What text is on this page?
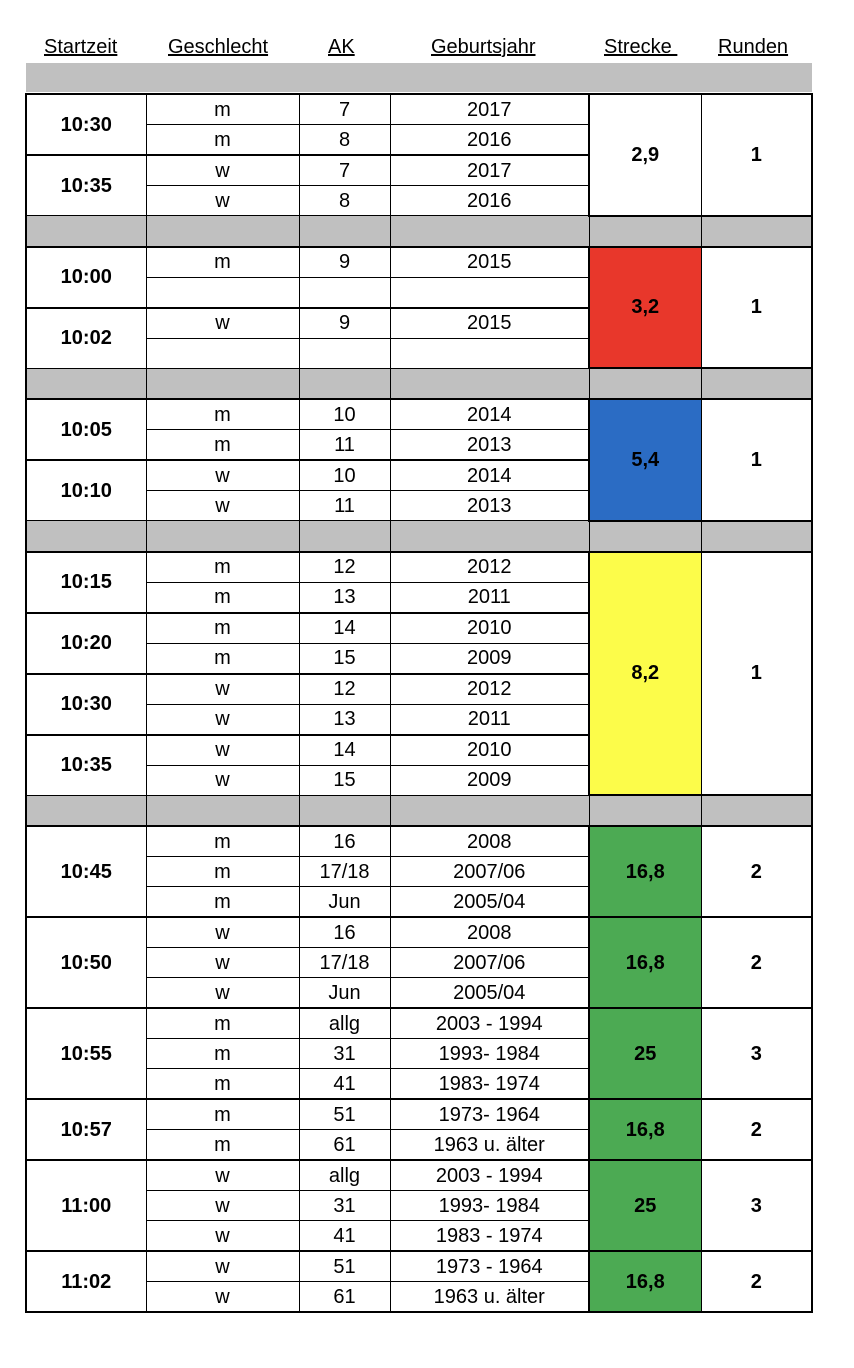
Startzeit	Geschlecht	AK	Geburtsjahr	Strecke Runden
10:30	m	7	2017	2,9	1
	m	8	2016		
10:35	w	7	2017		
	w	8	2016		

10:00	m	9	2015	3,2	1

10:02	w	9	2015		

10:05	m	10	2014	5,4	1
	m	11	2013		
10:10	w	10	2014		
	w	11	2013		

10:15	m	12	2012	8,2	1
	m	13	2011		
10:20	m	14	2010		
	m	15	2009		
10:30	w	12	2012		
	w	13	2011		
10:35	w	14	2010		
	w	15	2009		

10:45	m	16	2008	16,8	2
	m	17/18	2007/06		
	m	Jun	2005/04		
10:50	w	16	2008	16,8	2
	w	17/18	2007/06		
	w	Jun	2005/04		
10:55	m	allg	2003 - 1994	25	3
	m	31	1993- 1984		
	m	41	1983- 1974		
10:57	m	51	1973- 1964	16,8	2
	m	61	1963 u. älter		
11:00	w	allg	2003 - 1994	25	3
	w	31	1993- 1984		
	w	41	1983 - 1974		
11:02	w	51	1973 - 1964	16,8	2
	w	61	1963 u. älter		
